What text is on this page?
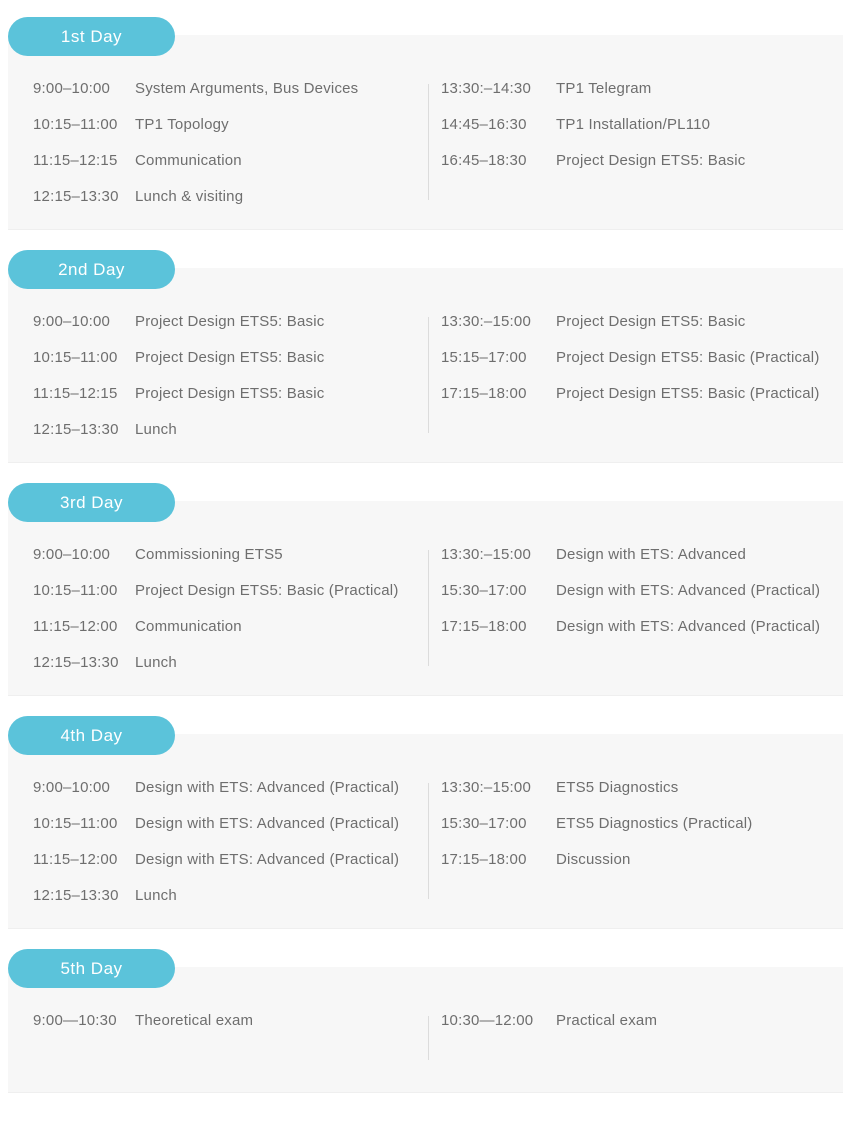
1st Day
9:00–10:00	System Arguments, Bus Devices
10:15–11:00	TP1 Topology
11:15–12:15	Communication
12:15–13:30	Lunch & visiting
13:30:–14:30	TP1 Telegram
14:45–16:30	TP1 Installation/PL110
16:45–18:30	Project Design ETS5: Basic
2nd Day
9:00–10:00	Project Design ETS5: Basic
10:15–11:00	Project Design ETS5: Basic
11:15–12:15	Project Design ETS5: Basic
12:15–13:30	Lunch
13:30:–15:00	Project Design ETS5: Basic
15:15–17:00	Project Design ETS5: Basic (Practical)
17:15–18:00	Project Design ETS5: Basic (Practical)
3rd Day
9:00–10:00	Commissioning ETS5
10:15–11:00	Project Design ETS5: Basic (Practical)
11:15–12:00	Communication
12:15–13:30	Lunch
13:30:–15:00	Design with ETS: Advanced
15:30–17:00	Design with ETS: Advanced (Practical)
17:15–18:00	Design with ETS: Advanced (Practical)
4th Day
9:00–10:00	Design with ETS: Advanced (Practical)
10:15–11:00	Design with ETS: Advanced (Practical)
11:15–12:00	Design with ETS: Advanced (Practical)
12:15–13:30	Lunch
13:30:–15:00	ETS5 Diagnostics
15:30–17:00	ETS5 Diagnostics (Practical)
17:15–18:00	Discussion
5th Day
9:00—10:30	Theoretical exam	10:30—12:00	Practical exam
